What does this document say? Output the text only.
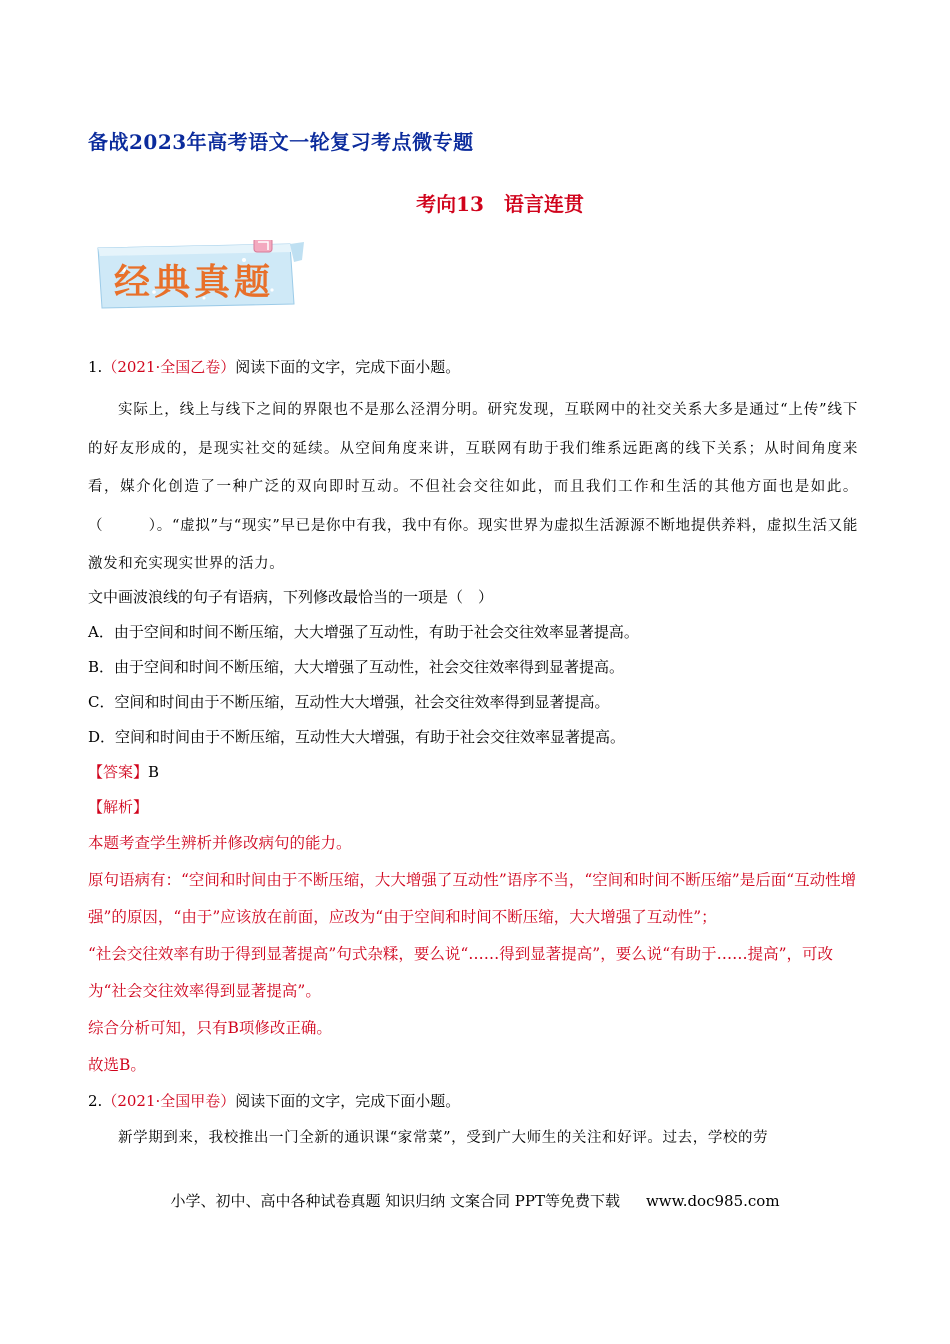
备战2023年高考语文一轮复习考点微专题
考向13 语言连贯
经典真题
1.（2021·全国乙卷）阅读下面的文字，完成下面小题。
实际上，线上与线下之间的界限也不是那么泾渭分明。研究发现，互联网中的社交关系大多是通过“上传”线下的好友形成的，是现实社交的延续。从空间角度来讲，互联网有助于我们维系远距离的线下关系；从时间角度来看，媒介化创造了一种广泛的双向即时互动。不但社会交往如此，而且我们工作和生活的其他方面也是如此。（　　　）。“虚拟”与“现实”早已是你中有我，我中有你。现实世界为虚拟生活源源不断地提供养料，虚拟生活又能激发和充实现实世界的活力。
文中画波浪线的句子有语病，下列修改最恰当的一项是（　）
A．由于空间和时间不断压缩，大大增强了互动性，有助于社会交往效率显著提高。
B．由于空间和时间不断压缩，大大增强了互动性，社会交往效率得到显著提高。
C．空间和时间由于不断压缩，互动性大大增强，社会交往效率得到显著提高。
D．空间和时间由于不断压缩，互动性大大增强，有助于社会交往效率显著提高。
【答案】B
【解析】
本题考查学生辨析并修改病句的能力。
原句语病有：“空间和时间由于不断压缩，大大增强了互动性”语序不当，“空间和时间不断压缩”是后面“互动性增强”的原因，“由于”应该放在前面，应改为“由于空间和时间不断压缩，大大增强了互动性”；
“社会交往效率有助于得到显著提高”句式杂糅，要么说“……得到显著提高”，要么说“有助于……提高”，可改为“社会交往效率得到显著提高”。
综合分析可知，只有B项修改正确。
故选B。
2.（2021·全国甲卷）阅读下面的文字，完成下面小题。
新学期到来，我校推出一门全新的通识课“家常菜”，受到广大师生的关注和好评。过去，学校的劳
小学、初中、高中各种试卷真题 知识归纳 文案合同 PPT等免费下载 www.doc985.com
